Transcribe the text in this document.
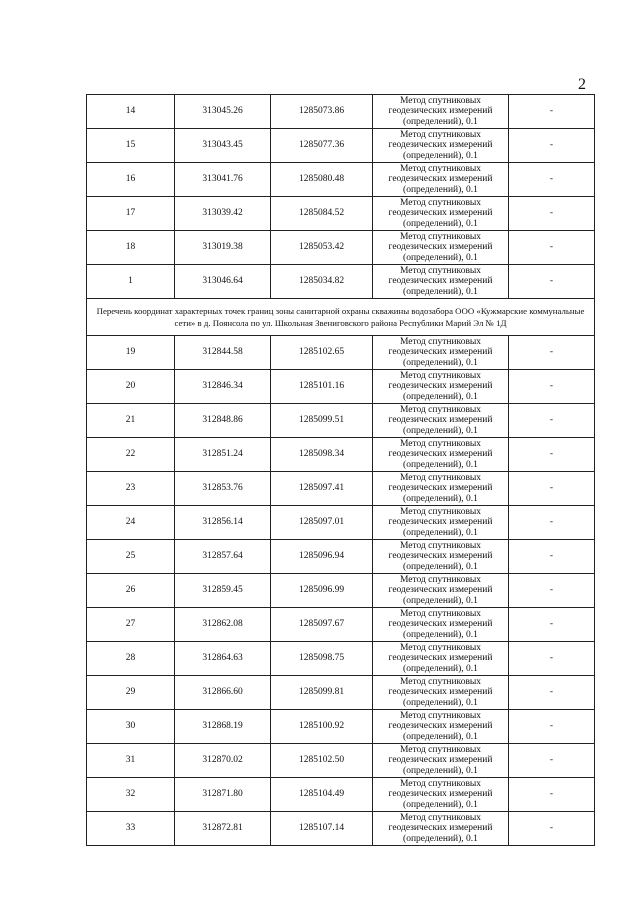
2
14	313045.26	1285073.86	Метод спутниковых
геодезических измерений
(определений), 0.1	-
15	313043.45	1285077.36	Метод спутниковых
геодезических измерений
(определений), 0.1	-
16	313041.76	1285080.48	Метод спутниковых
геодезических измерений
(определений), 0.1	-
17	313039.42	1285084.52	Метод спутниковых
геодезических измерений
(определений), 0.1	-
18	313019.38	1285053.42	Метод спутниковых
геодезических измерений
(определений), 0.1	-
1	313046.64	1285034.82	Метод спутниковых
геодезических измерений
(определений), 0.1	-
Перечень координат характерных точек границ зоны санитарной охраны скважины водозабора ООО «Кужмарские коммунальные сети» в д. Поянсола по ул. Школьная Звениговского района Республики Марий Эл № 1Д				
19	312844.58	1285102.65	Метод спутниковых
геодезических измерений
(определений), 0.1	-
20	312846.34	1285101.16	Метод спутниковых
геодезических измерений
(определений), 0.1	-
21	312848.86	1285099.51	Метод спутниковых
геодезических измерений
(определений), 0.1	-
22	312851.24	1285098.34	Метод спутниковых
геодезических измерений
(определений), 0.1	-
23	312853.76	1285097.41	Метод спутниковых
геодезических измерений
(определений), 0.1	-
24	312856.14	1285097.01	Метод спутниковых
геодезических измерений
(определений), 0.1	-
25	312857.64	1285096.94	Метод спутниковых
геодезических измерений
(определений), 0.1	-
26	312859.45	1285096.99	Метод спутниковых
геодезических измерений
(определений), 0.1	-
27	312862.08	1285097.67	Метод спутниковых
геодезических измерений
(определений), 0.1	-
28	312864.63	1285098.75	Метод спутниковых
геодезических измерений
(определений), 0.1	-
29	312866.60	1285099.81	Метод спутниковых
геодезических измерений
(определений), 0.1	-
30	312868.19	1285100.92	Метод спутниковых
геодезических измерений
(определений), 0.1	-
31	312870.02	1285102.50	Метод спутниковых
геодезических измерений
(определений), 0.1	-
32	312871.80	1285104.49	Метод спутниковых
геодезических измерений
(определений), 0.1	-
33	312872.81	1285107.14	Метод спутниковых
геодезических измерений
(определений), 0.1	-
